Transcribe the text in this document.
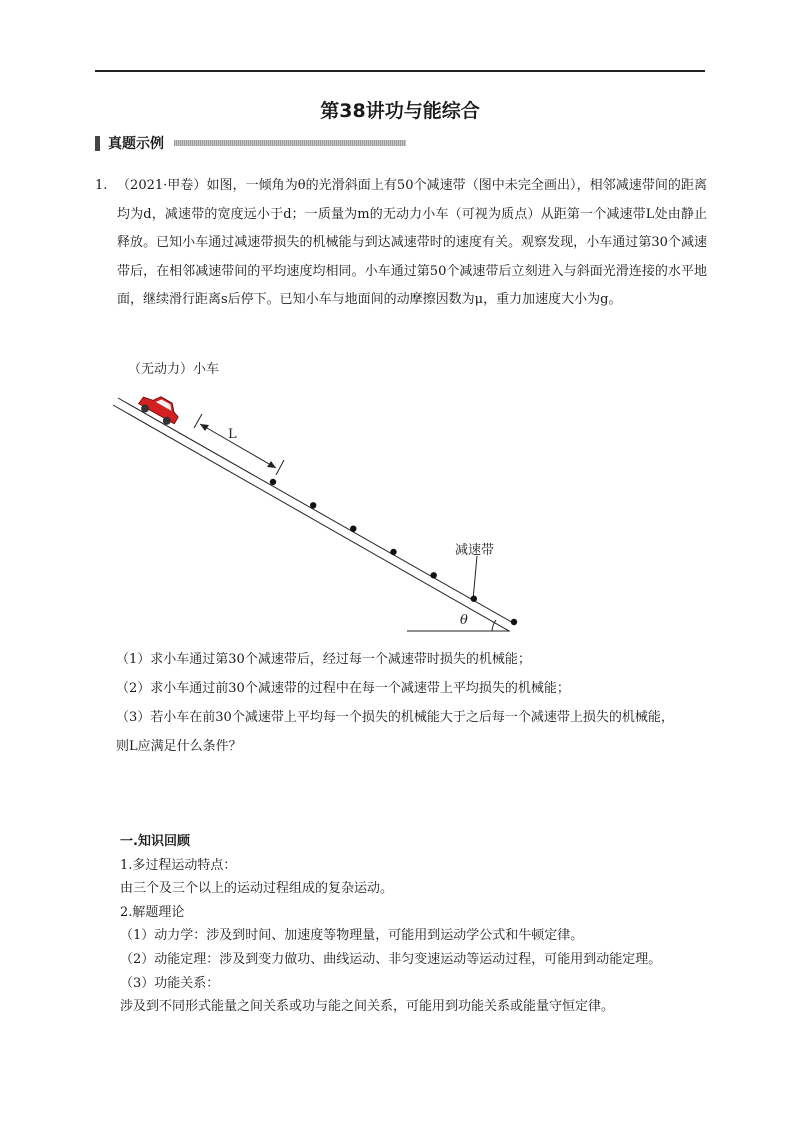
第38讲功与能综合
真题示例
1. （2021·甲卷）如图，一倾角为θ的光滑斜面上有50个减速带（图中未完全画出），相邻减速带间的距离均为d，减速带的宽度远小于d；一质量为m的无动力小车（可视为质点）从距第一个减速带L处由静止释放。已知小车通过减速带损失的机械能与到达减速带时的速度有关。观察发现，小车通过第30个减速带后，在相邻减速带间的平均速度均相同。小车通过第50个减速带后立刻进入与斜面光滑连接的水平地面，继续滑行距离s后停下。已知小车与地面间的动摩擦因数为μ，重力加速度大小为g。
（无动力）小车
θ
L
减速带

（1）求小车通过第30个减速带后，经过每一个减速带时损失的机械能；

（2）求小车通过前30个减速带的过程中在每一个减速带上平均损失的机械能；

（3）若小车在前30个减速带上平均每一个损失的机械能大于之后每一个减速带上损失的机械能，

则L应满足什么条件？

一.知识回顾

1.多过程运动特点：

由三个及三个以上的运动过程组成的复杂运动。

2.解题理论

（1）动力学：涉及到时间、加速度等物理量，可能用到运动学公式和牛顿定律。

（2）动能定理：涉及到变力做功、曲线运动、非匀变速运动等运动过程，可能用到动能定理。

（3）功能关系：

涉及到不同形式能量之间关系或功与能之间关系，可能用到功能关系或能量守恒定律。
